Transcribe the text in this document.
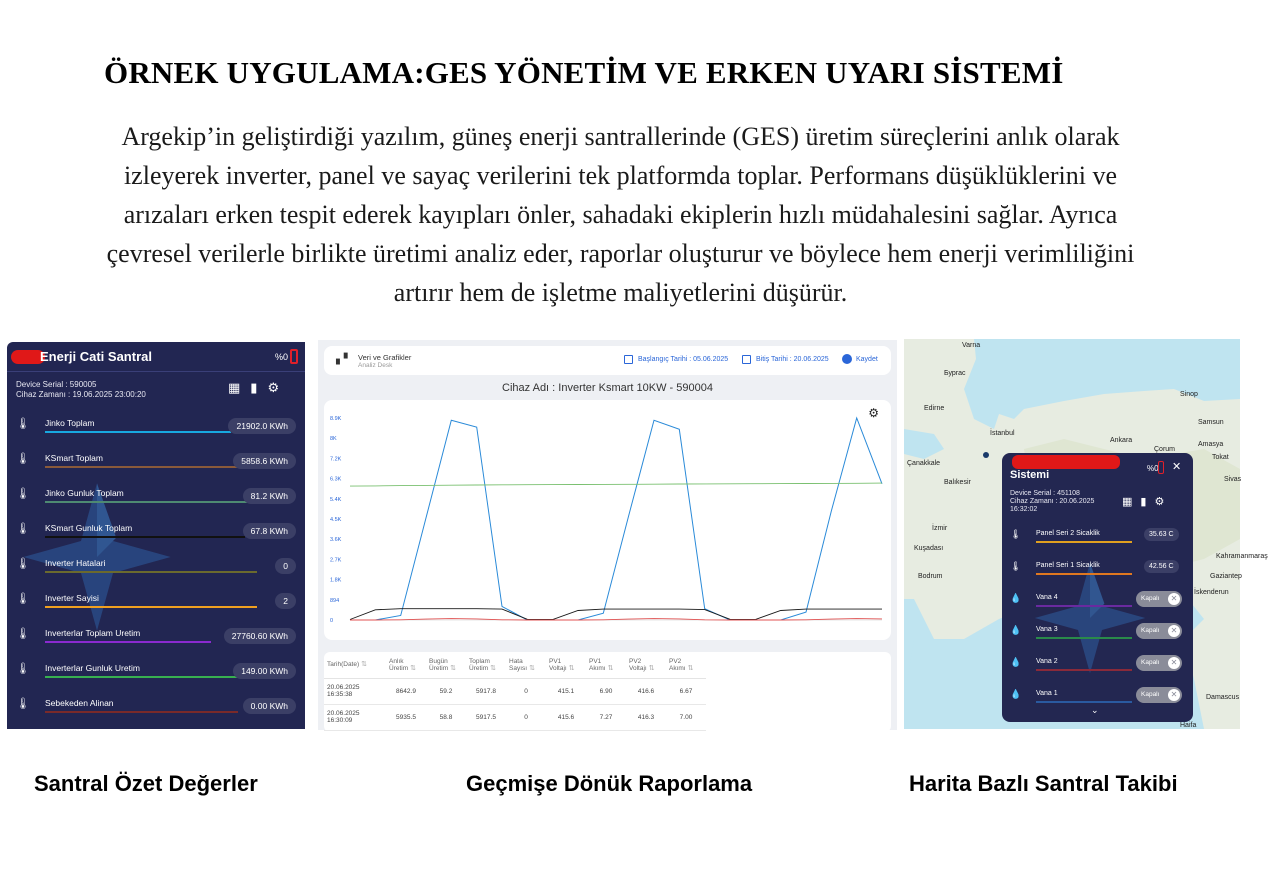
ÖRNEK UYGULAMA:GES YÖNETİM VE ERKEN UYARI SİSTEMİ
Argekip’in geliştirdiği yazılım, güneş enerji santrallerinde (GES) üretim süreçlerini anlık olarak
izleyerek inverter, panel ve sayaç verilerini tek platformda toplar. Performans düşüklüklerini ve
arızaları erken tespit ederek kayıpları önler, sahadaki ekiplerin hızlı müdahalesini sağlar. Ayrıca
çevresel verilerle birlikte üretimi analiz eder, raporlar oluşturur ve böylece hem enerji verimliliğini
artırır hem de işletme maliyetlerini düşürür.
Enerji Cati Santral	%0
Device Serial : 590005
Cihaz Zamanı : 19.06.2025 23:00:20	▦ ▮ ⚙
🌡 Jinko Toplam	21902.0 KWh
🌡 KSmart Toplam	5858.6 KWh
🌡 Jinko Gunluk Toplam	81.2 KWh
🌡 KSmart Gunluk Toplam	67.8 KWh
🌡 Inverter Hatalari	0
🌡 Inverter Sayisi	2
🌡 Inverterlar Toplam Uretim	27760.60 KWh
🌡 Inverterlar Gunluk Uretim	149.00 KWh
🌡 Sebekeden Alinan	0.00 KWh
▖▘ Veri ve Grafikler
Analiz Desk
Başlangıç Tarihi : 05.06.2025	Bitiş Tarihi : 20.06.2025	Kaydet
Cihaz Adı : Inverter Ksmart 10KW - 590004
0
894
1.8K
2.7K
3.6K
4.5K
5.4K
6.3K
7.2K
8K
8.9K	⚙
Tarih(Date) ⇅	Anlık Üretim ⇅	Bugün Üretim ⇅	Toplam Üretim ⇅	Hata Sayısı ⇅	PV1 Voltajı ⇅	PV1 Akımı ⇅	PV2 Voltajı ⇅	PV2 Akımı ⇅
20.06.2025 16:35:38	8642.9	59.2	5917.8	0	415.1	6.90	416.6	6.67
20.06.2025 16:30:09	5935.5	58.8	5917.5	0	415.6	7.27	416.3	7.00
Varna
Бургас
Edirne
İstanbul
Sinop
Samsun
Ankara
Çorum
Amasya
Tokat
Sivas
Balıkesir
Çanakkale
İzmir
Kuşadası
Bodrum
Kahramanmaraş
Gaziantep
İskenderun
Damascus
Haifa
Sistemi
%0 ✕
Device Serial : 451108
Cihaz Zamanı : 20.06.2025
16:32:02
▦ ▮ ⚙
🌡 Panel Seri 2 Sicaklik	35.63 C
🌡 Panel Seri 1 Sicaklik	42.56 C
💧 Vana 4	Kapalı	✕
💧 Vana 3	Kapalı	✕
💧 Vana 2	Kapalı	✕
💧 Vana 1	Kapalı	✕
⌄
Santral Özet Değerler	Geçmişe Dönük Raporlama	Harita Bazlı Santral Takibi
